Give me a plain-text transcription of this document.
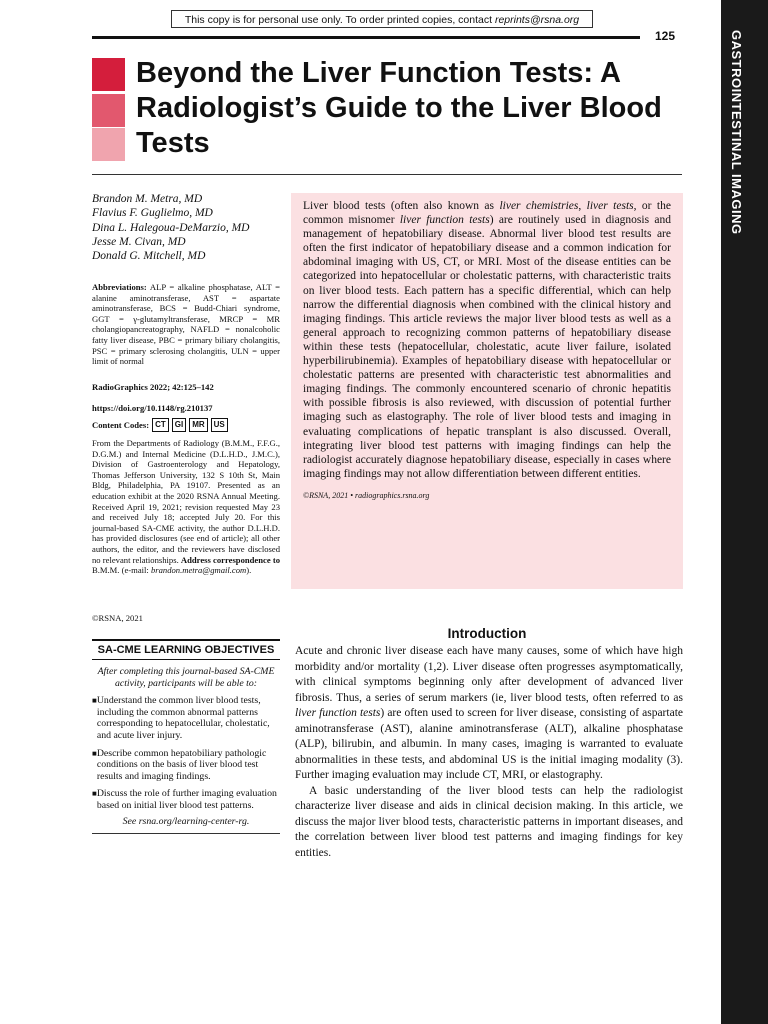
This copy is for personal use only. To order printed copies, contact reprints@rsna.org
125	GASTROINTESTINAL IMAGING
Beyond the Liver Function Tests: A Radiologist’s Guide to the Liver Blood Tests
Brandon M. Metra, MD
Flavius F. Guglielmo, MD
Dina L. Halegoua-DeMarzio, MD
Jesse M. Civan, MD
Donald G. Mitchell, MD
Abbreviations: ALP = alkaline phosphatase, ALT = alanine aminotransferase, AST = aspartate aminotransferase, BCS = Budd-Chiari syndrome, GGT = γ-glutamyltransferase, MRCP = MR cholangiopancreatography, NAFLD = nonalcoholic fatty liver disease, PBC = primary biliary cholangitis, PSC = primary sclerosing cholangitis, ULN = upper limit of normal
RadioGraphics 2022; 42:125–142
https://doi.org/10.1148/rg.210137
Content Codes: CT	GI	MR	US
From the Departments of Radiology (B.M.M., F.F.G., D.G.M.) and Internal Medicine (D.L.H.D., J.M.C.), Division of Gastroenterology and Hepatology, Thomas Jefferson University, 132 S 10th St, Main Bldg, Philadelphia, PA 19107. Presented as an education exhibit at the 2020 RSNA Annual Meeting. Received April 19, 2021; revision requested May 23 and received July 18; accepted July 20. For this journal-based SA-CME activity, the author D.L.H.D. has provided disclosures (see end of article); all other authors, the editor, and the reviewers have disclosed no relevant relationships. Address correspondence to B.M.M. (e-mail: brandon.metra@gmail.com).
©RSNA, 2021
Liver blood tests (often also known as liver chemistries, liver tests, or the common misnomer liver function tests) are routinely used in diagnosis and management of hepatobiliary disease. Abnormal liver blood test results are often the first indicator of hepatobiliary disease and a common indication for abdominal imaging with US, CT, or MRI. Most of the disease entities can be categorized into hepatocellular or cholestatic patterns, with characteristic traits on liver blood tests. Each pattern has a specific differential, which can help narrow the differential diagnosis when combined with the clinical history and imaging findings. This article reviews the major liver blood tests as well as a general approach to recognizing common patterns of hepatobiliary disease within these tests (hepatocellular, cholestatic, acute liver failure, isolated hyperbilirubinemia). Examples of hepatobiliary disease with hepatocellular or cholestatic patterns are presented with characteristic test abnormalities and imaging findings. The commonly encountered scenario of chronic hepatitis with possible fibrosis is also reviewed, with discussion of potential further imaging such as elastography. The role of liver blood tests and imaging in evaluating complications of hepatic transplant is also discussed. Overall, integrating liver blood test patterns with imaging findings can help the radiologist accurately diagnose hepatobiliary disease, especially in cases where imaging findings may not allow differentiation between different entities.
©RSNA, 2021 • radiographics.rsna.org
SA-CME LEARNING OBJECTIVES
After completing this journal-based SA-CME activity, participants will be able to:
■ Understand the common liver blood tests, including the common abnormal patterns corresponding to hepatocellular, cholestatic, and acute liver injury.
■ Describe common hepatobiliary pathologic conditions on the basis of liver blood test results and imaging findings.
■ Discuss the role of further imaging evaluation based on initial liver blood test patterns.
See rsna.org/learning-center-rg.
Introduction

Acute and chronic liver disease each have many causes, some of which have high morbidity and/or mortality (1,2). Liver disease often progresses asymptomatically, with clinical symptoms beginning only after development of advanced liver fibrosis. Thus, a series of serum markers (ie, liver blood tests, often referred to as liver function tests) are often used to screen for liver disease, consisting of aspartate aminotransferase (AST), alanine aminotransferase (ALT), alkaline phosphatase (ALP), bilirubin, and albumin. In many cases, imaging is warranted to evaluate abnormalities in these tests, and abdominal US is the initial imaging modality (3). Further imaging evaluation may include CT, MRI, or elastography.

A basic understanding of the liver blood tests can help the radiologist characterize liver disease and aids in clinical decision making. In this article, we discuss the major liver blood tests, characteristic patterns in important diseases, and the correlation between liver blood test patterns and imaging findings for key entities.
